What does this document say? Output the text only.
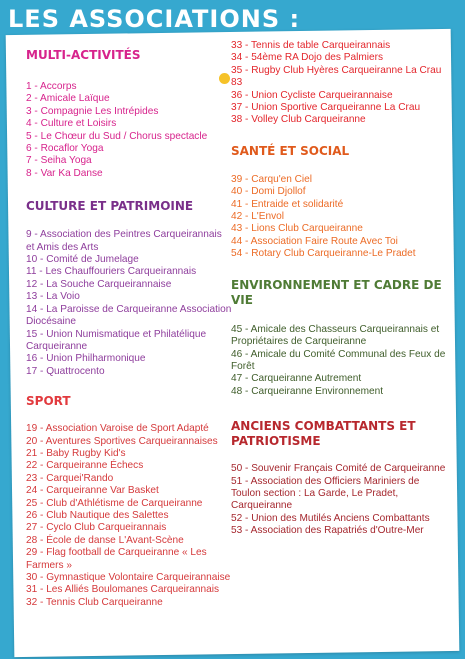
LES ASSOCIATIONS :
MULTI-ACTIVITÉS
1 - Accorps
2 - Amicale Laïque
3 - Compagnie Les Intrépides
4 - Culture et Loisirs
5 - Le Chœur du Sud / Chorus spectacle
6 - Rocaflor Yoga
7 - Seiha Yoga
8 - Var Ka Danse
CULTURE ET PATRIMOINE
9 - Association des Peintres Carqueirannais et Amis des Arts
10 - Comité de Jumelage
11 - Les Chauffouriers Carqueirannais
12 - La Souche Carqueirannaise
13 - La Voio
14 - La Paroisse de Carqueiranne Association Diocésaine
15 - Union Numismatique et Philatélique Carqueiranne
16 - Union Philharmonique
17 - Quattrocento
SPORT
19 - Association Varoise de Sport Adapté
20 - Aventures Sportives Carqueirannaises
21 - Baby Rugby Kid's
22 - Carqueiranne Échecs
23 - Carquei'Rando
24 - Carqueiranne Var Basket
25 - Club d'Athlétisme de Carqueiranne
26 - Club Nautique des Salettes
27 - Cyclo Club Carqueirannais
28 - École de danse L'Avant-Scène
29 - Flag football de Carqueiranne « Les Farmers »
30 - Gymnastique Volontaire Carqueirannaise
31 - Les Alliés Boulomanes Carqueirannais
32 - Tennis Club Carqueiranne
33 - Tennis de table Carqueirannais
34 - 54ème RA Dojo des Palmiers
35 - Rugby Club Hyères Carqueiranne La Crau 83
36 - Union Cycliste Carqueirannaise
37 - Union Sportive Carqueiranne La Crau
38 - Volley Club Carqueiranne
SANTÉ ET SOCIAL
39 - Carqu'en Ciel
40 - Domi Djollof
41 - Entraide et solidarité
42 - L'Envol
43 - Lions Club Carqueiranne
44 - Association Faire Route Avec Toi
54 - Rotary Club Carqueiranne-Le Pradet
ENVIRONNEMENT ET CADRE DE VIE
45 - Amicale des Chasseurs Carqueirannais et Propriétaires de Carqueiranne
46 - Amicale du Comité Communal des Feux de Forêt
47 - Carqueiranne Autrement
48 - Carqueiranne Environnement
ANCIENS COMBATTANTS ET PATRIOTISME
50 - Souvenir Français Comité de Carqueiranne
51 - Association des Officiers Mariniers de Toulon section : La Garde, Le Pradet, Carqueiranne
52 - Union des Mutilés Anciens Combattants
53 - Association des Rapatriés d'Outre-Mer
